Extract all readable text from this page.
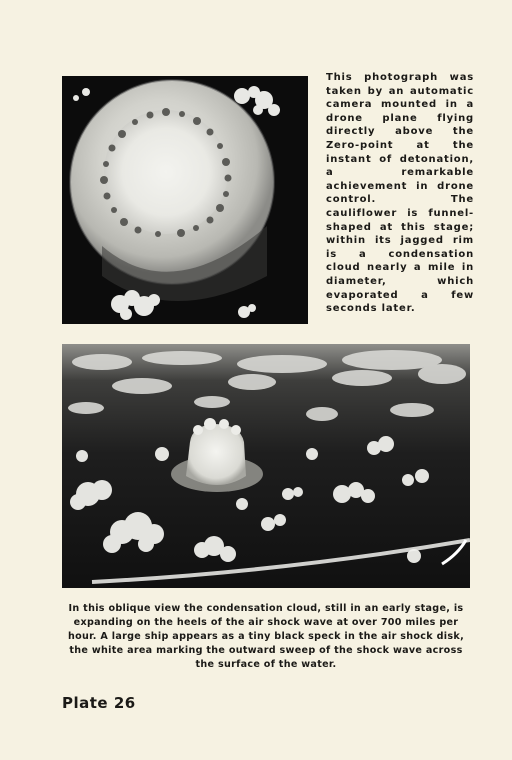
This photograph was taken by an automatic camera mounted in a drone plane flying directly above the Zero-point at the instant of detonation, a remarkable achievement in drone control. The cauliflower is funnel-shaped at this stage; within its jagged rim is a condensation cloud nearly a mile in diameter, which evaporated a few seconds later.
In this oblique view the condensation cloud, still in an early stage, is expanding on the heels of the air shock wave at over 700 miles per hour. A large ship appears as a tiny black speck in the air shock disk, the white area marking the outward sweep of the shock wave across the surface of the water.
Plate 26
